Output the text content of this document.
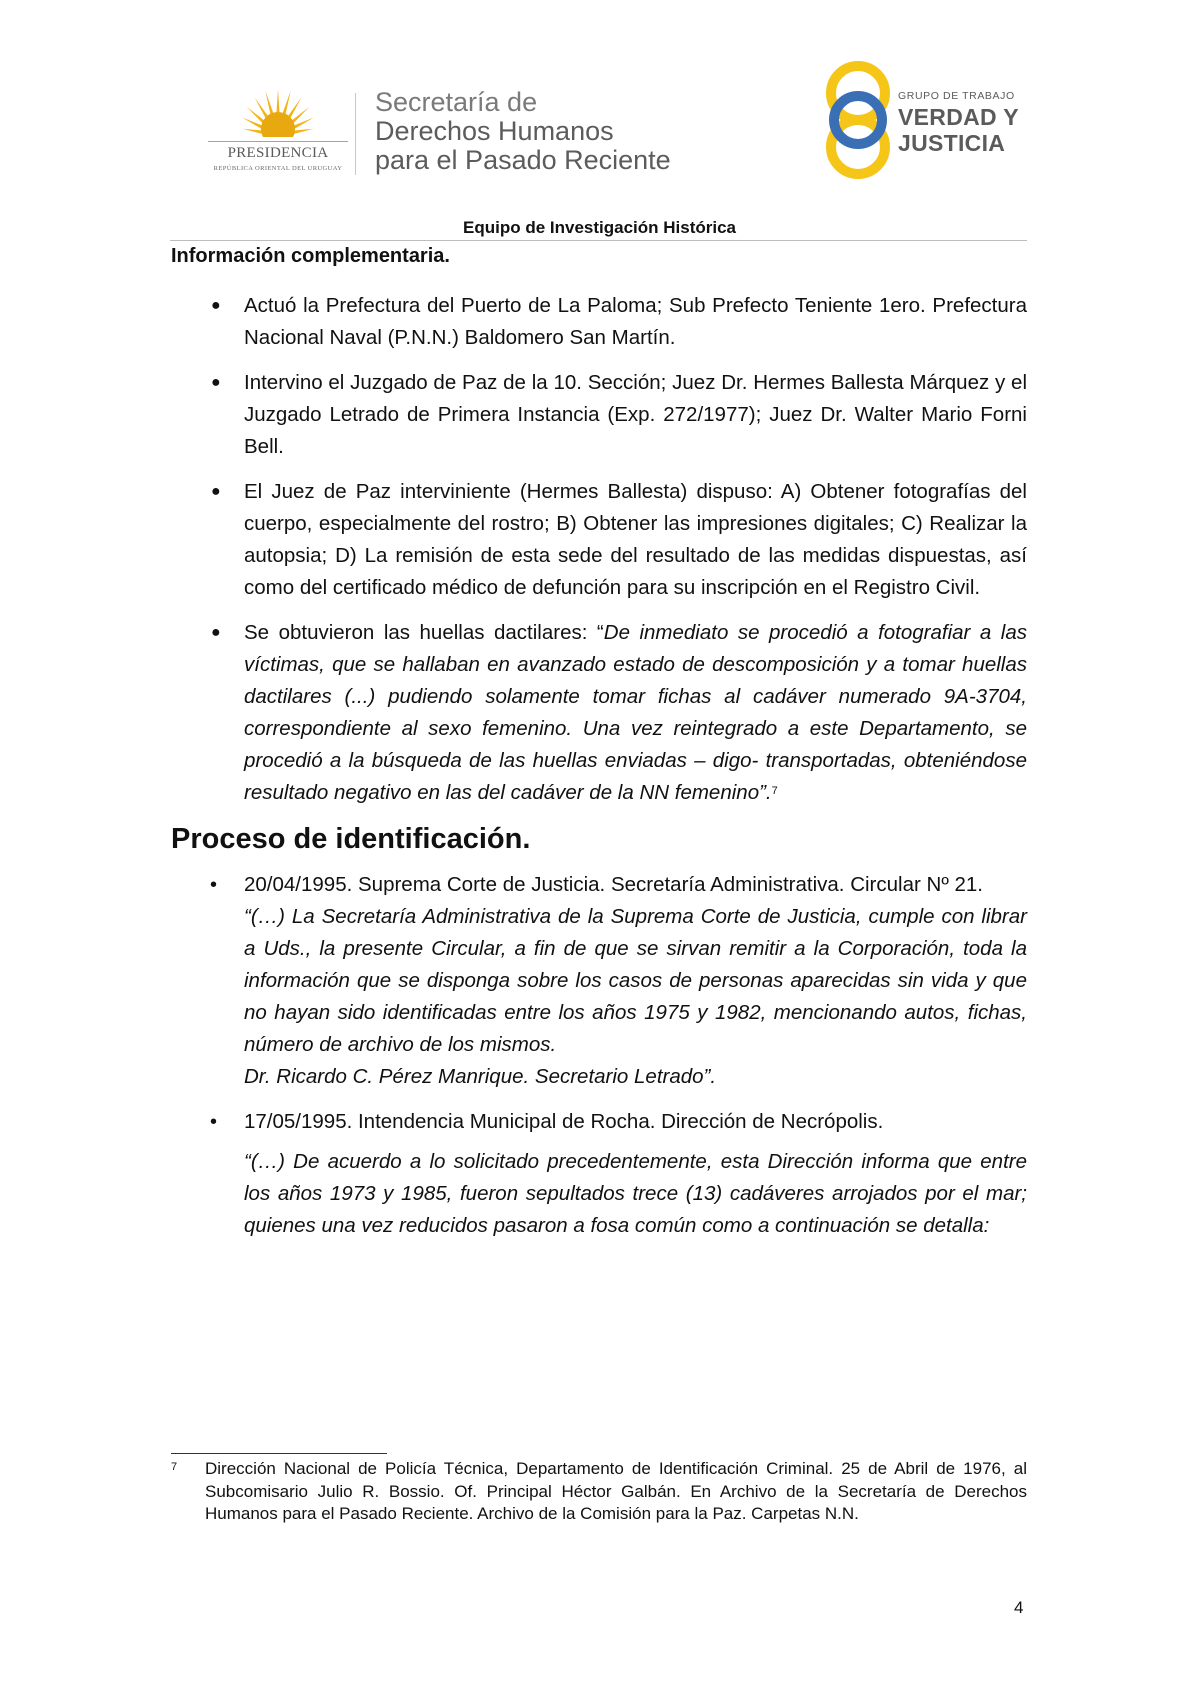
PRESIDENCIA
REPÚBLICA ORIENTAL DEL URUGUAY
Secretaría de
Derechos Humanos
para el Pasado Reciente
GRUPO DE TRABAJO
VERDAD Y
JUSTICIA
Equipo de Investigación Histórica
Información complementaria.
● Actuó la Prefectura del Puerto de La Paloma; Sub Prefecto Teniente 1ero. Prefectura Nacional Naval (P.N.N.) Baldomero San Martín.
● Intervino el Juzgado de Paz de la 10. Sección; Juez Dr. Hermes Ballesta Márquez y el Juzgado Letrado de Primera Instancia (Exp. 272/1977); Juez Dr. Walter Mario Forni Bell.
● El Juez de Paz interviniente (Hermes Ballesta) dispuso: A) Obtener fotografías del cuerpo, especialmente del rostro; B) Obtener las impresiones digitales; C) Realizar la autopsia; D) La remisión de esta sede del resultado de las medidas dispuestas, así como del certificado médico de defunción para su inscripción en el Registro Civil.
● Se obtuvieron las huellas dactilares: “De inmediato se procedió a fotografiar a las víctimas, que se hallaban en avanzado estado de descomposición y a tomar huellas dactilares (...) pudiendo solamente tomar fichas al cadáver numerado 9A-3704, correspondiente al sexo femenino. Una vez reintegrado a este Departamento, se procedió a la búsqueda de las huellas enviadas – digo- transportadas, obteniéndose resultado negativo en las del cadáver de la NN femenino”.$^7$
Proceso de identificación.
• 20/04/1995. Suprema Corte de Justicia. Secretaría Administrativa. Circular Nº 21.
“(…) La Secretaría Administrativa de la Suprema Corte de Justicia, cumple con librar a Uds., la presente Circular, a fin de que se sirvan remitir a la Corporación, toda la información que se disponga sobre los casos de personas aparecidas sin vida y que no hayan sido identificadas entre los años 1975 y 1982, mencionando autos, fichas, número de archivo de los mismos.
Dr. Ricardo C. Pérez Manrique. Secretario Letrado”.
• 17/05/1995. Intendencia Municipal de Rocha. Dirección de Necrópolis.
“(…) De acuerdo a lo solicitado precedentemente, esta Dirección informa que entre los años 1973 y 1985, fueron sepultados trece (13) cadáveres arrojados por el mar; quienes una vez reducidos pasaron a fosa común como a continuación se detalla:
7 Dirección Nacional de Policía Técnica, Departamento de Identificación Criminal. 25 de Abril de 1976, al Subcomisario Julio R. Bossio. Of. Principal Héctor Galbán. En Archivo de la Secretaría de Derechos Humanos para el Pasado Reciente. Archivo de la Comisión para la Paz. Carpetas N.N.
4
